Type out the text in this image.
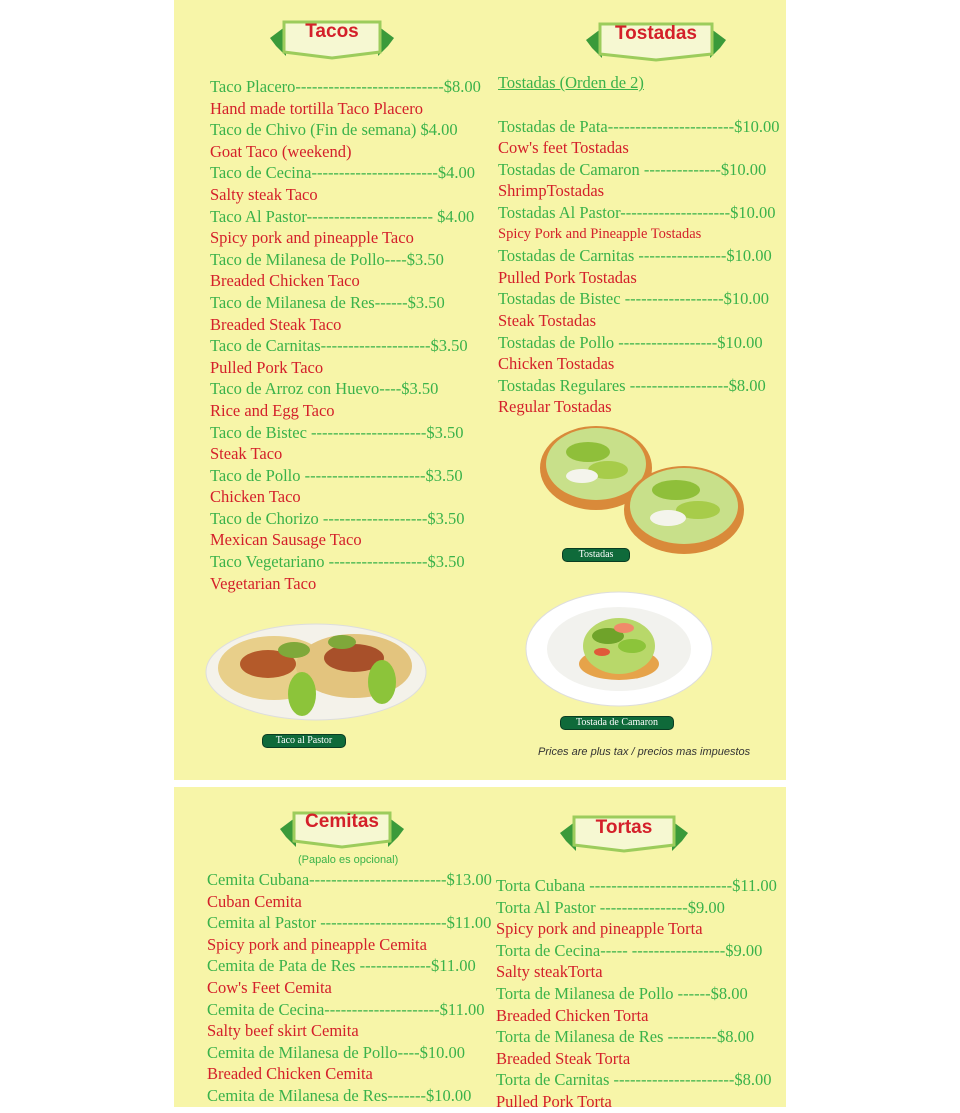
Tacos	Tostadas
Taco Placero---------------------------$8.00
Hand made tortilla Taco Placero
Taco de Chivo (Fin de semana) $4.00
Goat Taco (weekend)
Taco de Cecina-----------------------$4.00
Salty steak Taco
Taco Al Pastor----------------------- $4.00
Spicy pork and pineapple Taco
Taco de Milanesa de Pollo----$3.50
Breaded Chicken Taco
Taco de Milanesa de Res------$3.50
Breaded Steak Taco
Taco de Carnitas--------------------$3.50
Pulled Pork Taco
Taco de Arroz con Huevo----$3.50
Rice and Egg Taco
Taco de Bistec ---------------------$3.50
Steak Taco
Taco de Pollo ----------------------$3.50
Chicken Taco
Taco de Chorizo -------------------$3.50
Mexican Sausage Taco
Taco Vegetariano ------------------$3.50
Vegetarian Taco
Tostadas (Orden de 2)
Tostadas de Pata-----------------------$10.00
Cow's feet Tostadas
Tostadas de Camaron --------------$10.00
ShrimpTostadas
Tostadas Al Pastor--------------------$10.00
Spicy Pork and Pineapple Tostadas
Tostadas de Carnitas ----------------$10.00
Pulled Pork Tostadas
Tostadas de Bistec ------------------$10.00
Steak Tostadas
Tostadas de Pollo ------------------$10.00
Chicken Tostadas
Tostadas Regulares ------------------$8.00
Regular Tostadas
Tostadas
Taco al Pastor
Tostada de Camaron
Prices are plus tax / precios mas impuestos
Cemitas
(Papalo es opcional)
Tortas
Cemita Cubana-------------------------$13.00
Cuban Cemita
Cemita al Pastor -----------------------$11.00
Spicy pork and pineapple Cemita
Cemita de Pata de Res -------------$11.00
Cow's Feet Cemita
Cemita de Cecina---------------------$11.00
Salty beef skirt Cemita
Cemita de Milanesa de Pollo----$10.00
Breaded Chicken Cemita
Cemita de Milanesa de Res-------$10.00
Torta Cubana --------------------------$11.00
Torta Al Pastor ----------------$9.00
Spicy pork and pineapple Torta
Torta de Cecina----- -----------------$9.00
Salty steakTorta
Torta de Milanesa de Pollo ------$8.00
Breaded Chicken Torta
Torta de Milanesa de Res ---------$8.00
Breaded Steak Torta
Torta de Carnitas ----------------------$8.00
Pulled Pork Torta
